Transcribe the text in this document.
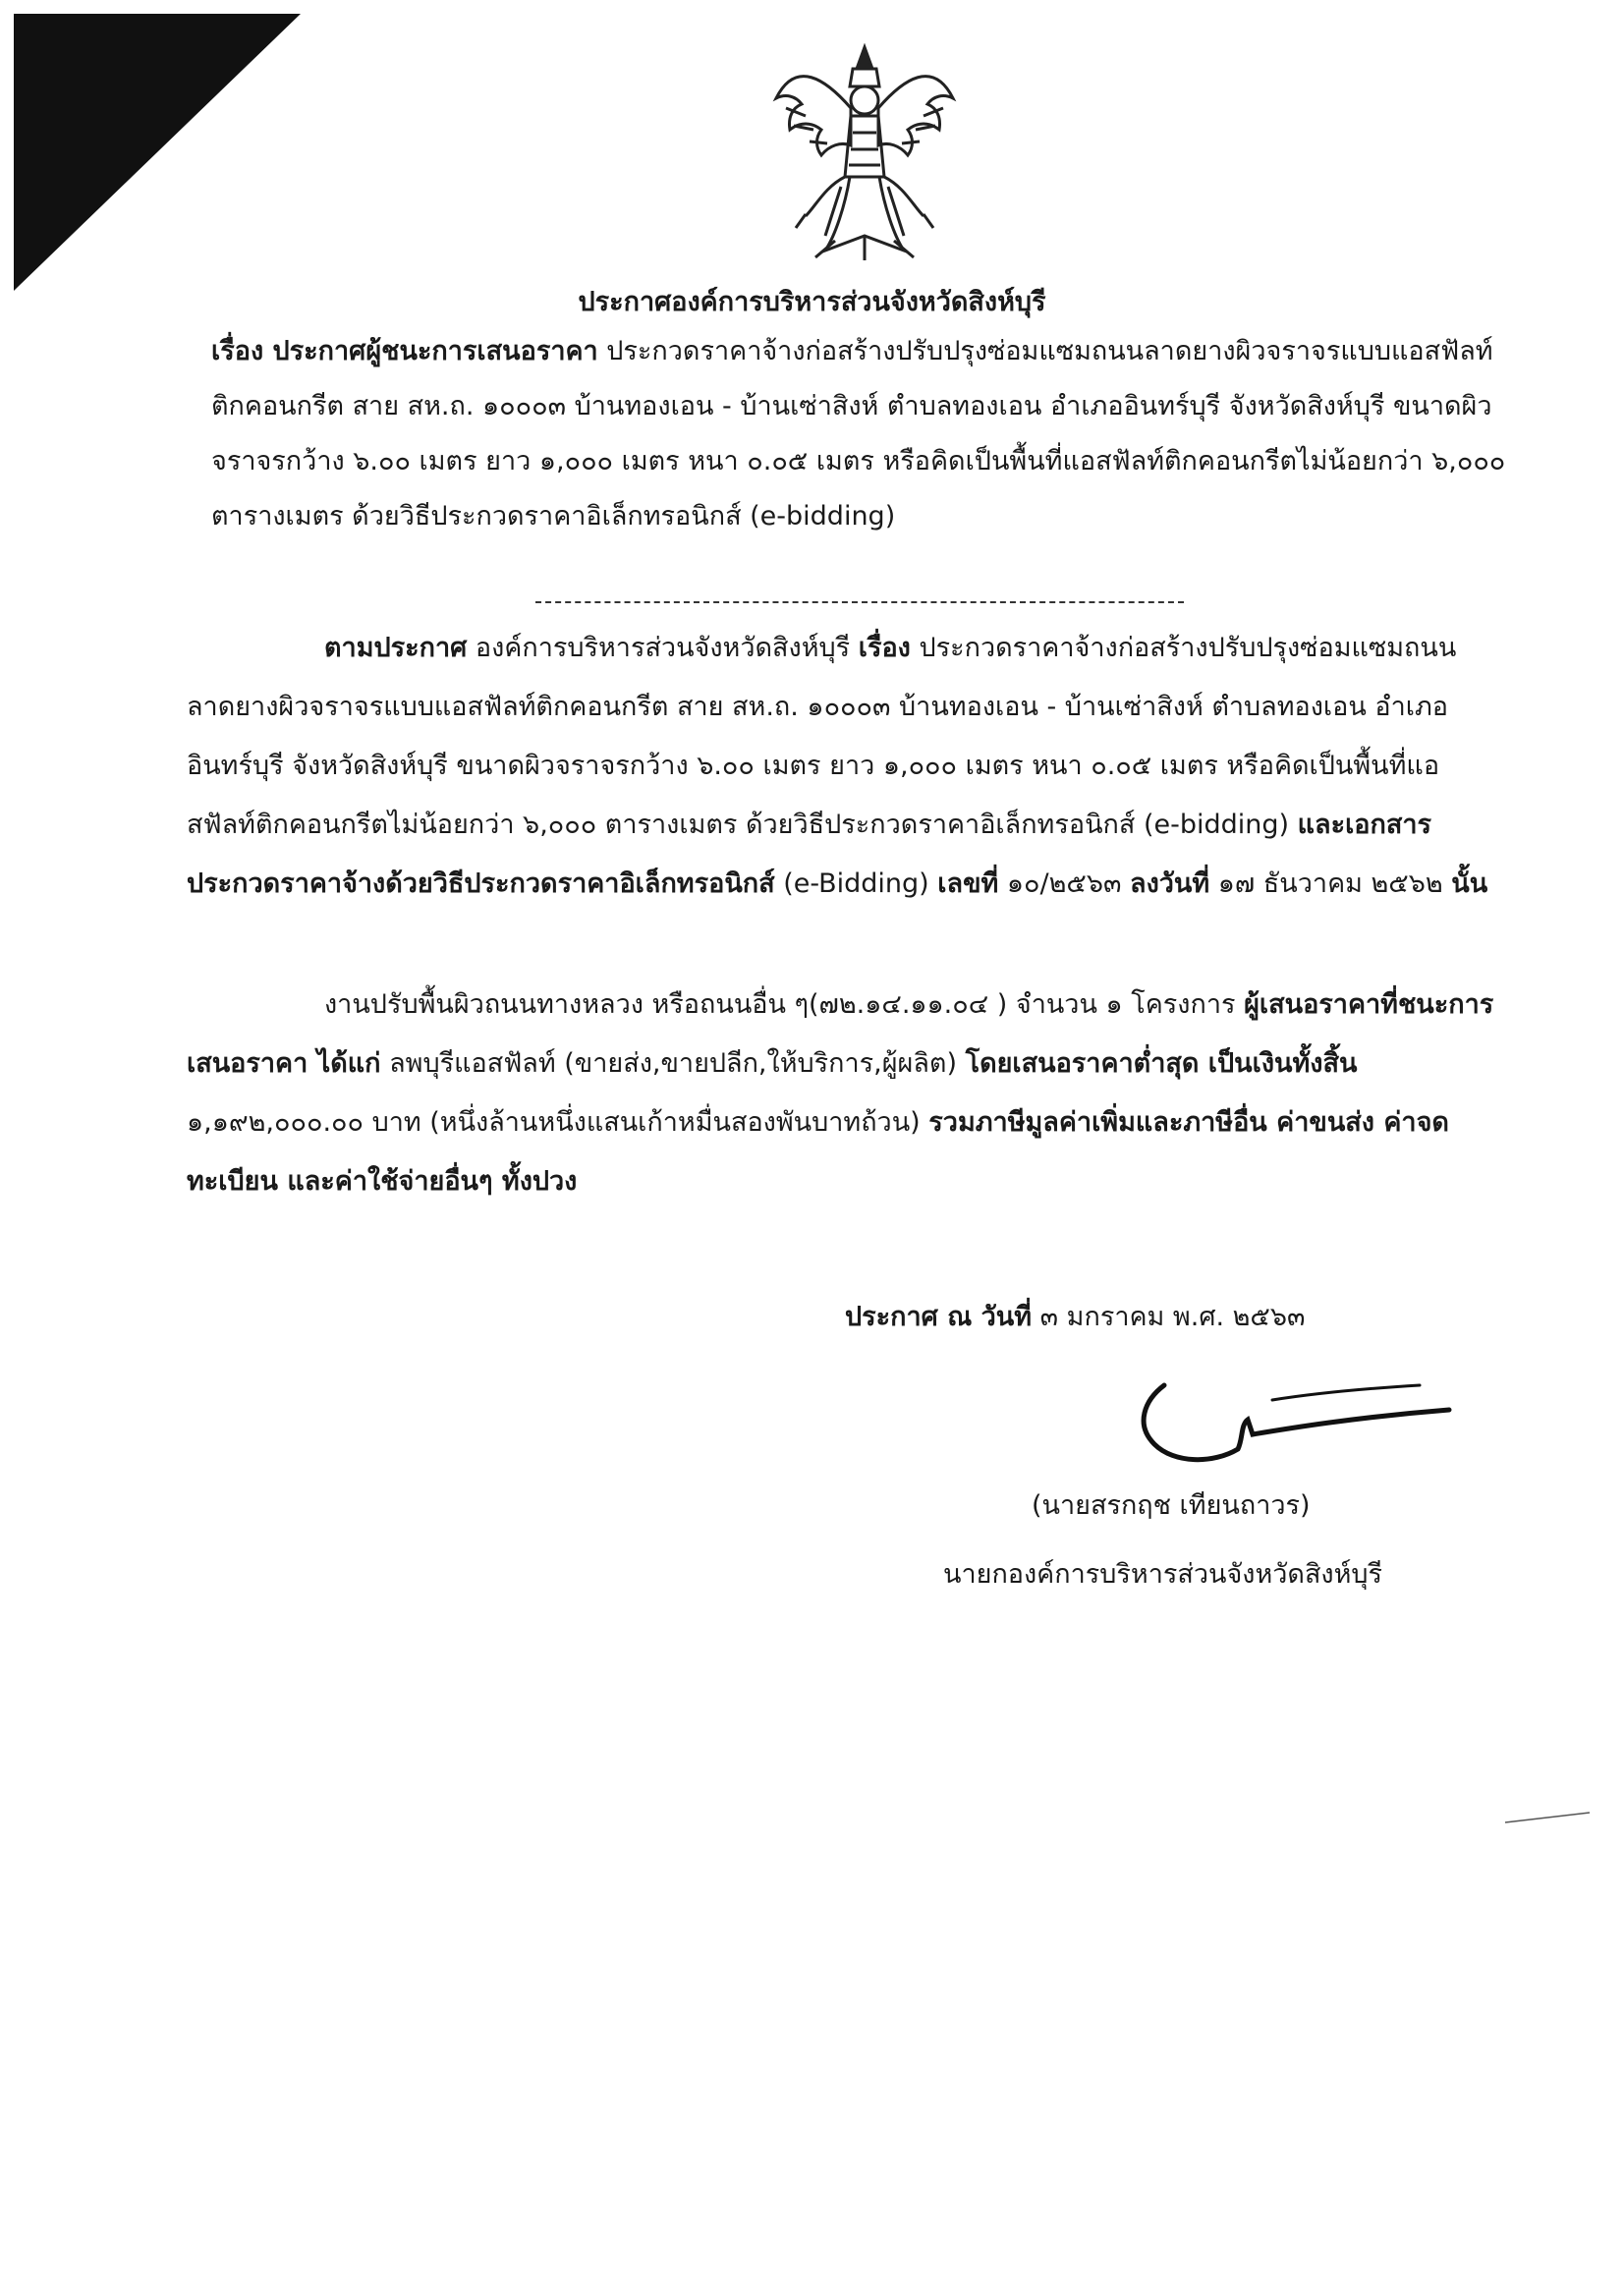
ประกาศองค์การบริหารส่วนจังหวัดสิงห์บุรี

เรื่อง ประกาศผู้ชนะการเสนอราคา ประกวดราคาจ้างก่อสร้างปรับปรุงซ่อมแซมถนนลาดยางผิวจราจรแบบแอสฟัลท์ติกคอนกรีต สาย สห.ถ. ๑๐๐๐๓ บ้านทองเอน - บ้านเซ่าสิงห์ ตำบลทองเอน อำเภออินทร์บุรี จังหวัดสิงห์บุรี ขนาดผิวจราจรกว้าง ๖.๐๐ เมตร ยาว ๑,๐๐๐ เมตร หนา ๐.๐๕ เมตร หรือคิดเป็นพื้นที่แอสฟัลท์ติกคอนกรีตไม่น้อยกว่า ๖,๐๐๐ ตารางเมตร ด้วยวิธีประกวดราคาอิเล็กทรอนิกส์ (e-bidding)

ตามประกาศ องค์การบริหารส่วนจังหวัดสิงห์บุรี เรื่อง ประกวดราคาจ้างก่อสร้างปรับปรุงซ่อมแซมถนนลาดยางผิวจราจรแบบแอสฟัลท์ติกคอนกรีต สาย สห.ถ. ๑๐๐๐๓ บ้านทองเอน - บ้านเซ่าสิงห์ ตำบลทองเอน อำเภออินทร์บุรี จังหวัดสิงห์บุรี ขนาดผิวจราจรกว้าง ๖.๐๐ เมตร ยาว ๑,๐๐๐ เมตร หนา ๐.๐๕ เมตร หรือคิดเป็นพื้นที่แอสฟัลท์ติกคอนกรีตไม่น้อยกว่า ๖,๐๐๐ ตารางเมตร ด้วยวิธีประกวดราคาอิเล็กทรอนิกส์ (e-bidding) และเอกสารประกวดราคาจ้างด้วยวิธีประกวดราคาอิเล็กทรอนิกส์ (e-Bidding) เลขที่ ๑๐/๒๕๖๓ ลงวันที่ ๑๗ ธันวาคม ๒๕๖๒ นั้น

งานปรับพื้นผิวถนนทางหลวง หรือถนนอื่น ๆ(๗๒.๑๔.๑๑.๐๔ ) จำนวน ๑ โครงการ ผู้เสนอราคาที่ชนะการเสนอราคา ได้แก่ ลพบุรีแอสฟัลท์ (ขายส่ง,ขายปลีก,ให้บริการ,ผู้ผลิต) โดยเสนอราคาต่ำสุด เป็นเงินทั้งสิ้น ๑,๑๙๒,๐๐๐.๐๐ บาท (หนึ่งล้านหนึ่งแสนเก้าหมื่นสองพันบาทถ้วน) รวมภาษีมูลค่าเพิ่มและภาษีอื่น ค่าขนส่ง ค่าจดทะเบียน และค่าใช้จ่ายอื่นๆ ทั้งปวง

ประกาศ ณ วันที่ ๓ มกราคม พ.ศ. ๒๕๖๓

(นายสรกฤช เทียนถาวร)

นายกองค์การบริหารส่วนจังหวัดสิงห์บุรี
